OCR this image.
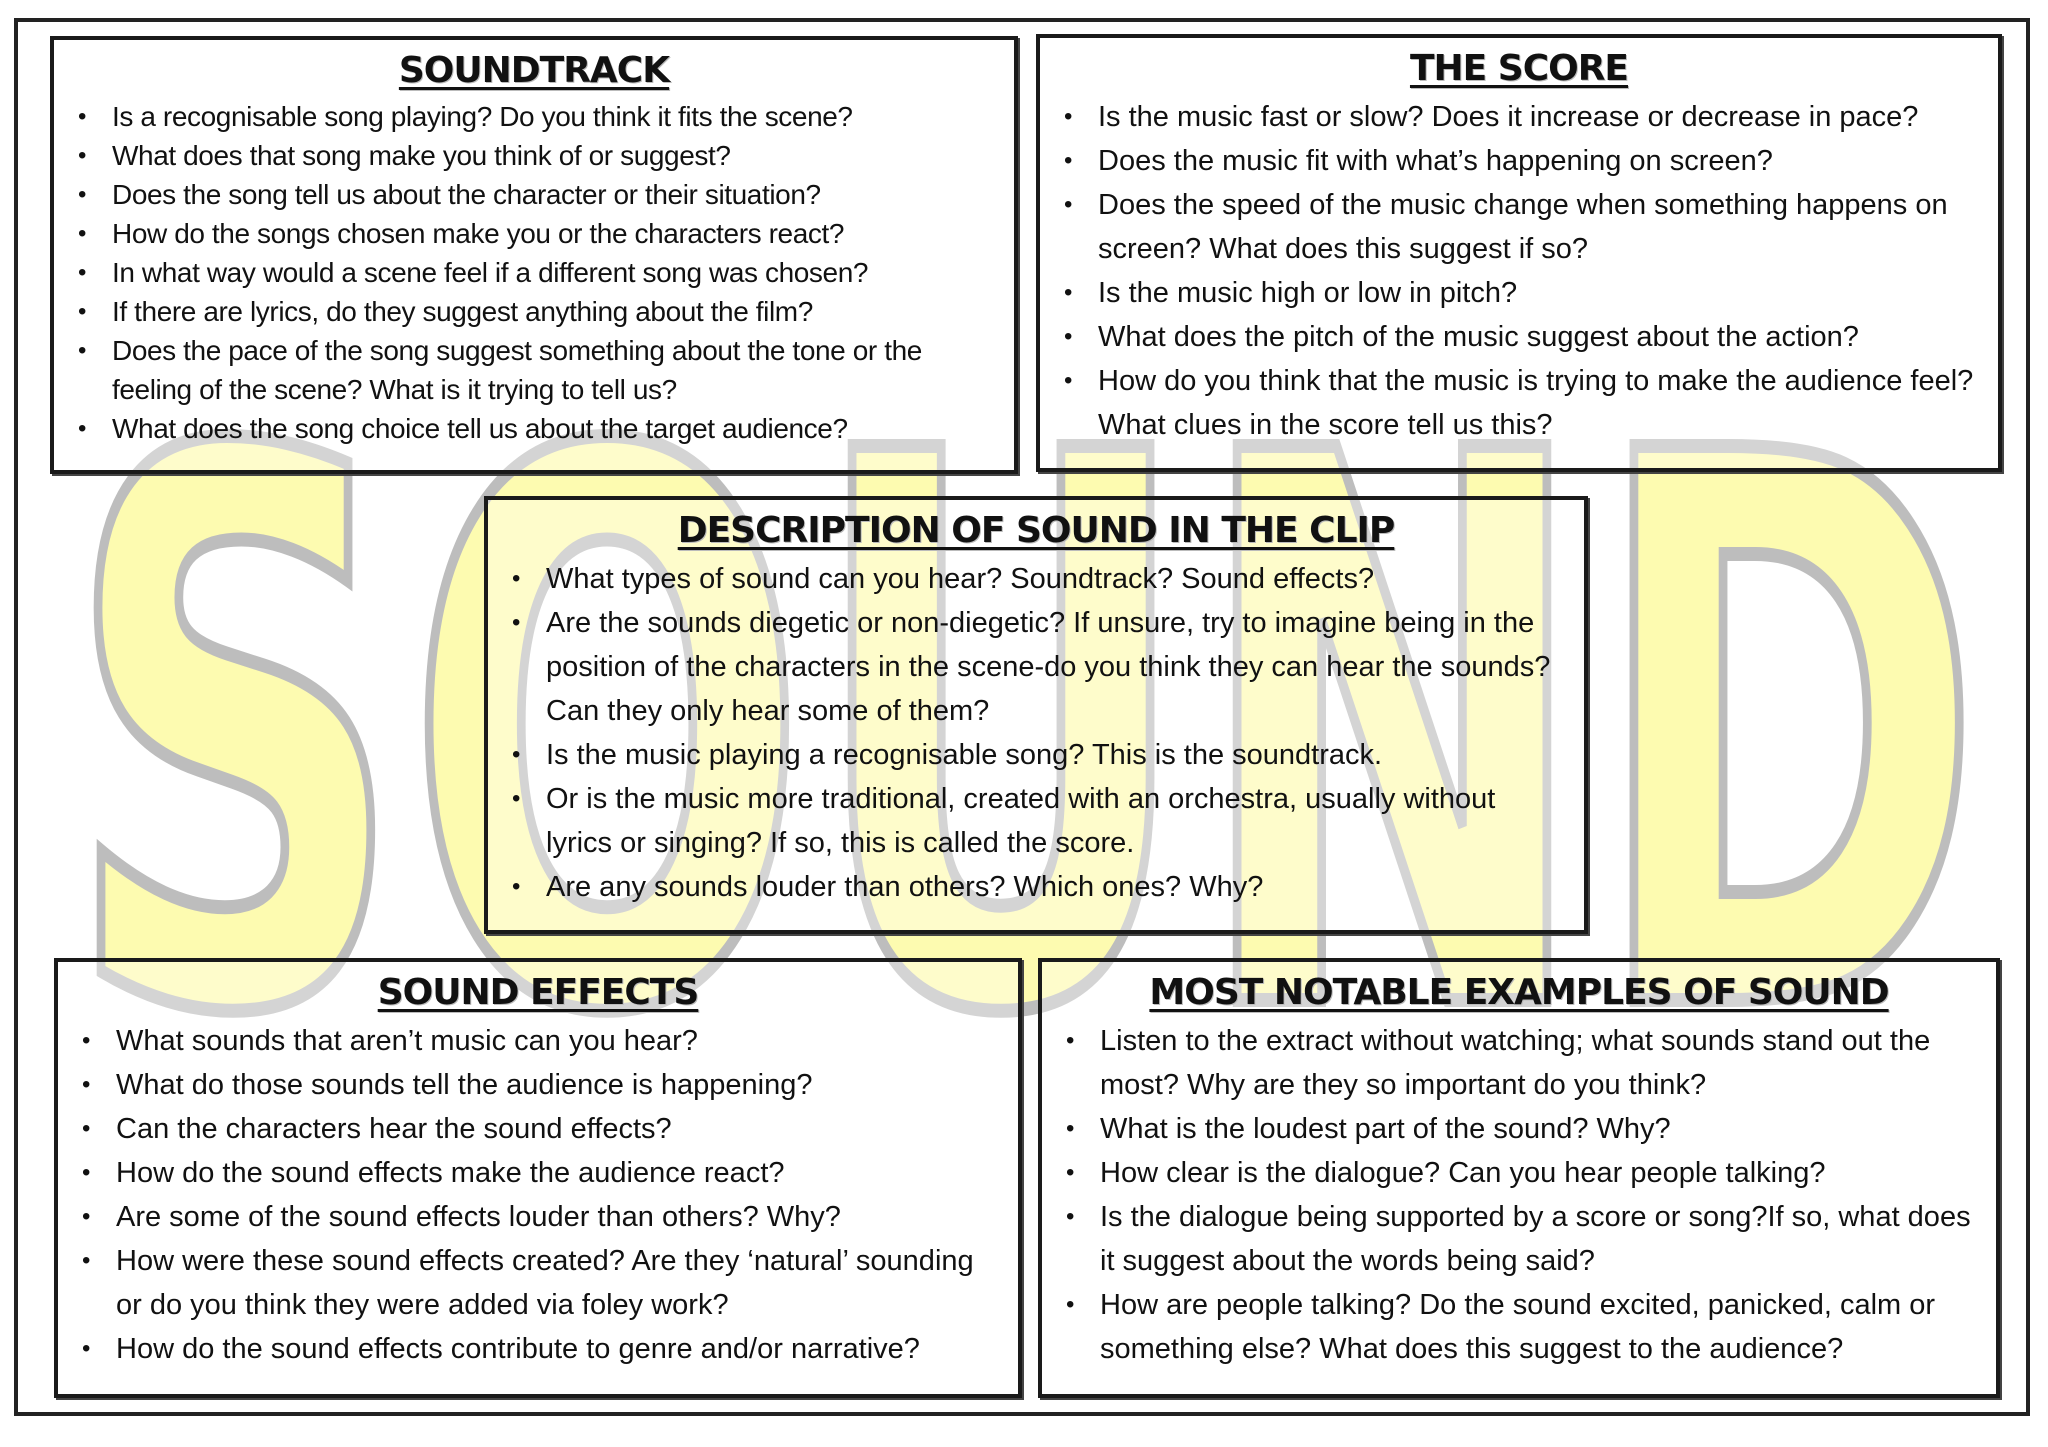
SOUND
SOUNDTRACK
• Is a recognisable song playing? Do you think it fits the scene?
• What does that song make you think of or suggest?
• Does the song tell us about the character or their situation?
• How do the songs chosen make you or the characters react?
• In what way would a scene feel if a different song was chosen?
• If there are lyrics, do they suggest anything about the film?
• Does the pace of the song suggest something about the tone or the feeling of the scene? What is it trying to tell us?
• What does the song choice tell us about the target audience?
THE SCORE
• Is the music fast or slow? Does it increase or decrease in pace?
• Does the music fit with what’s happening on screen?
• Does the speed of the music change when something happens on screen? What does this suggest if so?
• Is the music high or low in pitch?
• What does the pitch of the music suggest about the action?
• How do you think that the music is trying to make the audience feel? What clues in the score tell us this?
DESCRIPTION OF SOUND IN THE CLIP
• What types of sound can you hear? Soundtrack? Sound effects?
• Are the sounds diegetic or non-diegetic? If unsure, try to imagine being in the position of the characters in the scene-do you think they can hear the sounds? Can they only hear some of them?
• Is the music playing a recognisable song? This is the soundtrack.
• Or is the music more traditional, created with an orchestra, usually without lyrics or singing? If so, this is called the score.
• Are any sounds louder than others? Which ones? Why?
SOUND EFFECTS
• What sounds that aren’t music can you hear?
• What do those sounds tell the audience is happening?
• Can the characters hear the sound effects?
• How do the sound effects make the audience react?
• Are some of the sound effects louder than others? Why?
• How were these sound effects created? Are they ‘natural’ sounding or do you think they were added via foley work?
• How do the sound effects contribute to genre and/or narrative?
MOST NOTABLE EXAMPLES OF SOUND
• Listen to the extract without watching; what sounds stand out the most? Why are they so important do you think?
• What is the loudest part of the sound? Why?
• How clear is the dialogue? Can you hear people talking?
• Is the dialogue being supported by a score or song?If so, what does it suggest about the words being said?
• How are people talking? Do the sound excited, panicked, calm or something else? What does this suggest to the audience?
